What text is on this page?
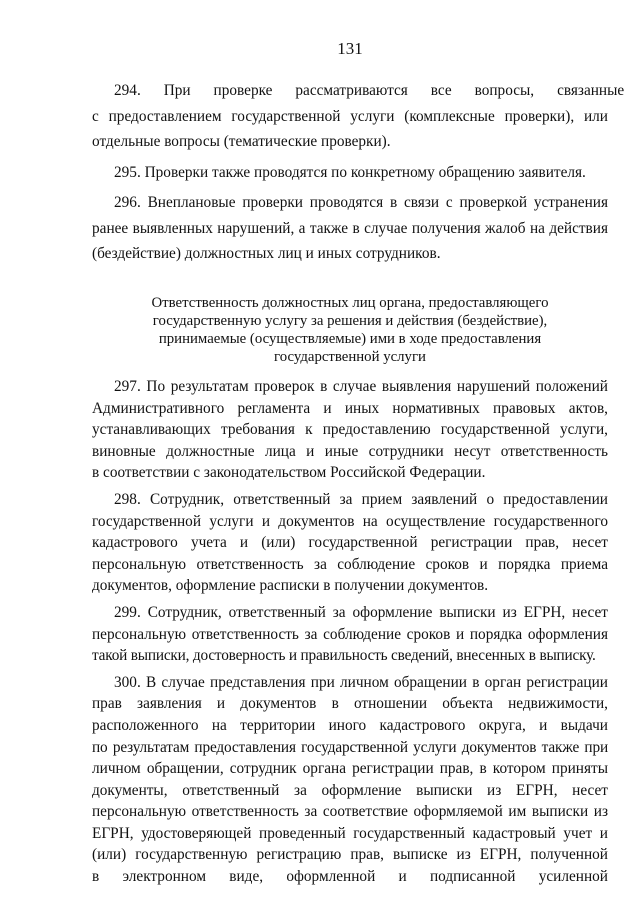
131
294.      При      проверке      рассматриваются      все      вопросы,      связанные
с предоставлением государственной услуги (комплексные проверки), или
отдельные вопросы (тематические проверки).
295. Проверки также проводятся по конкретному обращению заявителя.
296. Внеплановые проверки проводятся в связи с проверкой устранения
ранее выявленных нарушений, а также в случае получения жалоб на действия
(бездействие) должностных лиц и иных сотрудников.
Ответственность должностных лиц органа, предоставляющего
государственную услугу за решения и действия (бездействие),
принимаемые (осуществляемые) ими в ходе предоставления
государственной услуги
297. По результатам проверок в случае выявления нарушений положений
Административного регламента и иных нормативных правовых актов,
устанавливающих требования к предоставлению государственной услуги,
виновные должностные лица и иные сотрудники несут ответственность
в соответствии с законодательством Российской Федерации.
298. Сотрудник, ответственный за прием заявлений о предоставлении
государственной услуги и документов на осуществление государственного
кадастрового учета и (или) государственной регистрации прав, несет
персональную ответственность за соблюдение сроков и порядка приема
документов, оформление расписки в получении документов.
299. Сотрудник, ответственный за оформление выписки из ЕГРН, несет
персональную ответственность за соблюдение сроков и порядка оформления
такой выписки, достоверность и правильность сведений, внесенных в выписку.
300. В случае представления при личном обращении в орган регистрации
прав заявления и документов в отношении объекта недвижимости,
расположенного на территории иного кадастрового округа, и выдачи
по результатам предоставления государственной услуги документов также при
личном обращении, сотрудник органа регистрации прав, в котором приняты
документы, ответственный за оформление выписки из ЕГРН, несет
персональную ответственность за соответствие оформляемой им выписки из
ЕГРН, удостоверяющей проведенный государственный кадастровый учет и
(или) государственную регистрацию прав, выписке из ЕГРН, полученной
в электронном виде, оформленной и подписанной усиленной
